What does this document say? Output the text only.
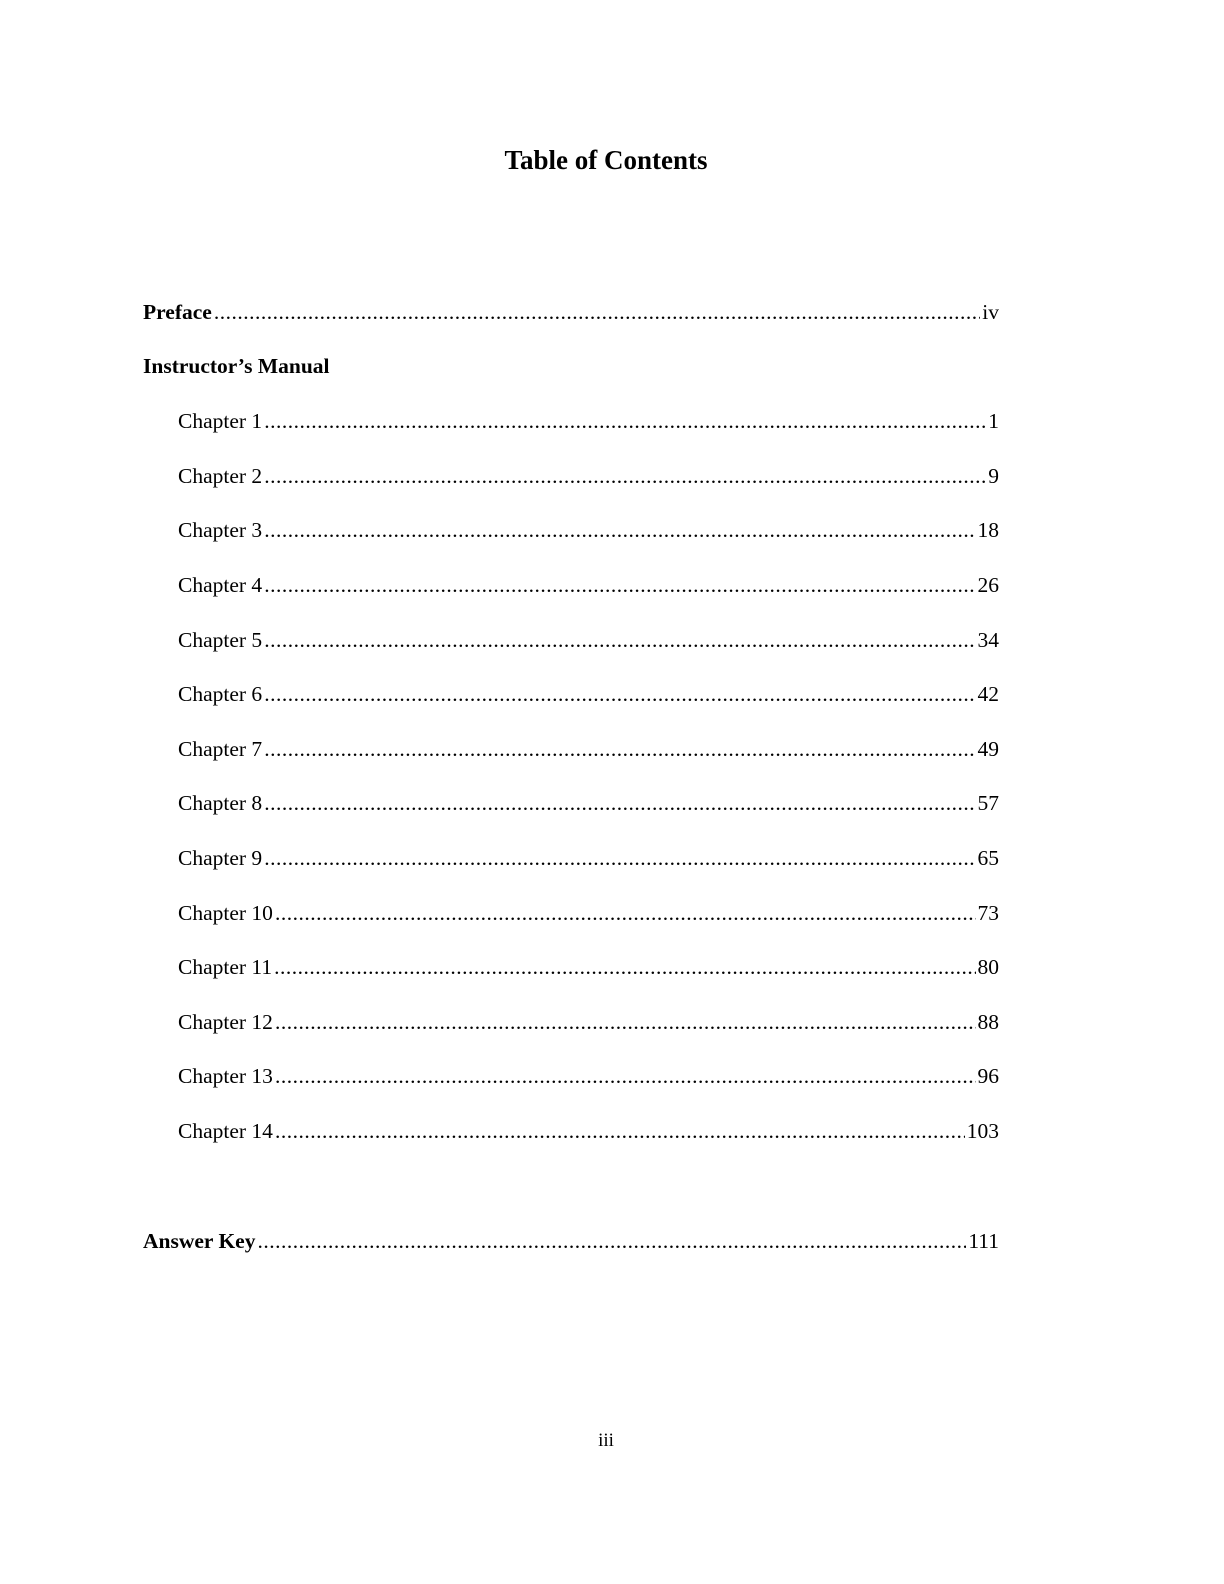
Table of Contents
Preface .....	iv
Instructor’s Manual
Chapter 1 .....	1
Chapter 2 .....	9
Chapter 3 .....	18
Chapter 4 .....	26
Chapter 5 .....	34
Chapter 6 .....	42
Chapter 7 .....	49
Chapter 8 .....	57
Chapter 9 .....	65
Chapter 10 .....	73
Chapter 11 .....	80
Chapter 12 .....	88
Chapter 13 .....	96
Chapter 14 .....	103
Answer Key .....	111
iii
